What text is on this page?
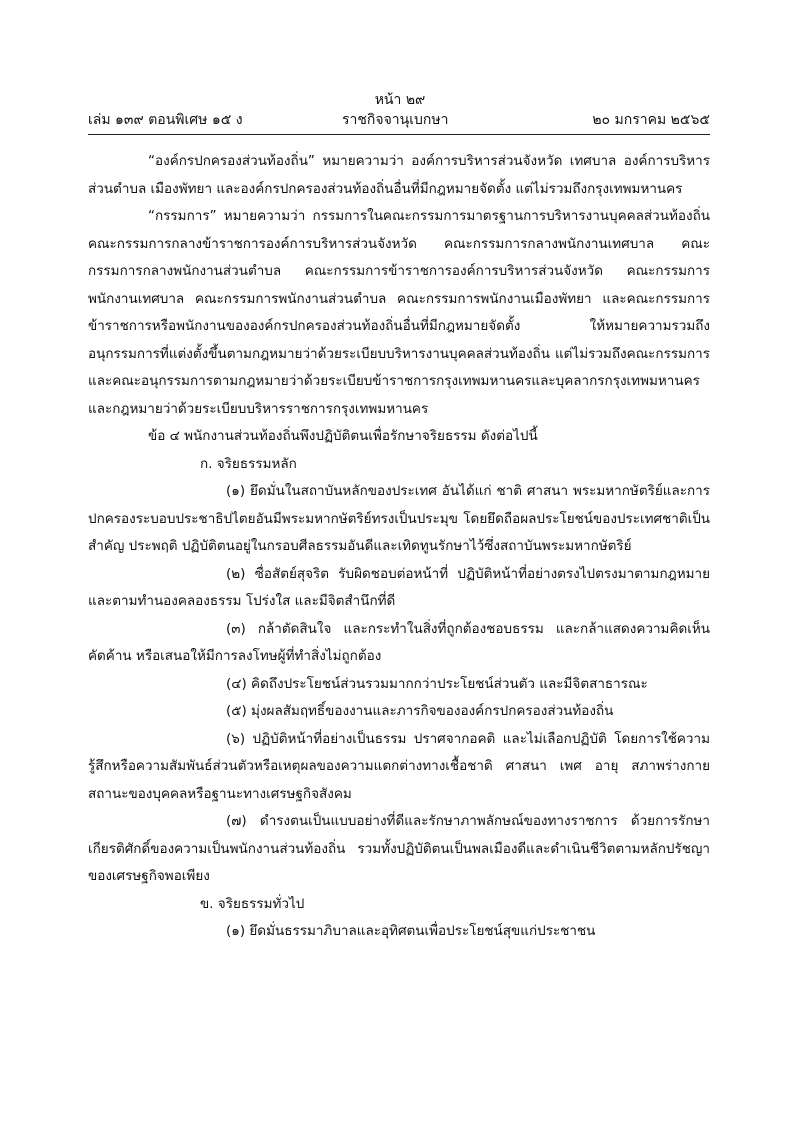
หน้า ๒๙
เล่ม ๑๓๙ ตอนพิเศษ ๑๕ ง	ราชกิจจานุเบกษา	๒๐ มกราคม ๒๕๖๕

“องค์กรปกครองส่วนท้องถิ่น” หมายความว่า องค์การบริหารส่วนจังหวัด เทศบาล องค์การบริหารส่วนตำบล เมืองพัทยา และองค์กรปกครองส่วนท้องถิ่นอื่นที่มีกฎหมายจัดตั้ง แต่ไม่รวมถึงกรุงเทพมหานคร

“กรรมการ” หมายความว่า กรรมการในคณะกรรมการมาตรฐานการบริหารงานบุคคลส่วนท้องถิ่น คณะกรรมการกลางข้าราชการองค์การบริหารส่วนจังหวัด คณะกรรมการกลางพนักงานเทศบาล คณะกรรมการกลางพนักงานส่วนตำบล คณะกรรมการข้าราชการองค์การบริหารส่วนจังหวัด คณะกรรมการพนักงานเทศบาล คณะกรรมการพนักงานส่วนตำบล คณะกรรมการพนักงานเมืองพัทยา และคณะกรรมการข้าราชการหรือพนักงานขององค์กรปกครองส่วนท้องถิ่นอื่นที่มีกฎหมายจัดตั้ง ให้หมายความรวมถึงอนุกรรมการที่แต่งตั้งขึ้นตามกฎหมายว่าด้วยระเบียบบริหารงานบุคคลส่วนท้องถิ่น แต่ไม่รวมถึงคณะกรรมการและคณะอนุกรรมการตามกฎหมายว่าด้วยระเบียบข้าราชการกรุงเทพมหานครและบุคลากรกรุงเทพมหานคร และกฎหมายว่าด้วยระเบียบบริหารราชการกรุงเทพมหานคร

ข้อ ๔ พนักงานส่วนท้องถิ่นพึงปฏิบัติตนเพื่อรักษาจริยธรรม ดังต่อไปนี้

ก. จริยธรรมหลัก

(๑) ยึดมั่นในสถาบันหลักของประเทศ อันได้แก่ ชาติ ศาสนา พระมหากษัตริย์และการปกครองระบอบประชาธิปไตยอันมีพระมหากษัตริย์ทรงเป็นประมุข โดยยึดถือผลประโยชน์ของประเทศชาติเป็นสำคัญ ประพฤติ ปฏิบัติตนอยู่ในกรอบศีลธรรมอันดีและเทิดทูนรักษาไว้ซึ่งสถาบันพระมหากษัตริย์

(๒) ซื่อสัตย์สุจริต รับผิดชอบต่อหน้าที่ ปฏิบัติหน้าที่อย่างตรงไปตรงมาตามกฎหมายและตามทำนองคลองธรรม โปร่งใส และมีจิตสำนึกที่ดี

(๓) กล้าตัดสินใจ และกระทำในสิ่งที่ถูกต้องชอบธรรม และกล้าแสดงความคิดเห็นคัดค้าน หรือเสนอให้มีการลงโทษผู้ที่ทำสิ่งไม่ถูกต้อง

(๔) คิดถึงประโยชน์ส่วนรวมมากกว่าประโยชน์ส่วนตัว และมีจิตสาธารณะ

(๕) มุ่งผลสัมฤทธิ์ของงานและภารกิจขององค์กรปกครองส่วนท้องถิ่น

(๖) ปฏิบัติหน้าที่อย่างเป็นธรรม ปราศจากอคติ และไม่เลือกปฏิบัติ โดยการใช้ความรู้สึกหรือความสัมพันธ์ส่วนตัวหรือเหตุผลของความแตกต่างทางเชื้อชาติ ศาสนา เพศ อายุ สภาพร่างกาย สถานะของบุคคลหรือฐานะทางเศรษฐกิจสังคม

(๗) ดำรงตนเป็นแบบอย่างที่ดีและรักษาภาพลักษณ์ของทางราชการ ด้วยการรักษาเกียรติศักดิ์ของความเป็นพนักงานส่วนท้องถิ่น รวมทั้งปฏิบัติตนเป็นพลเมืองดีและดำเนินชีวิตตามหลักปรัชญาของเศรษฐกิจพอเพียง

ข. จริยธรรมทั่วไป

(๑) ยึดมั่นธรรมาภิบาลและอุทิศตนเพื่อประโยชน์สุขแก่ประชาชน
